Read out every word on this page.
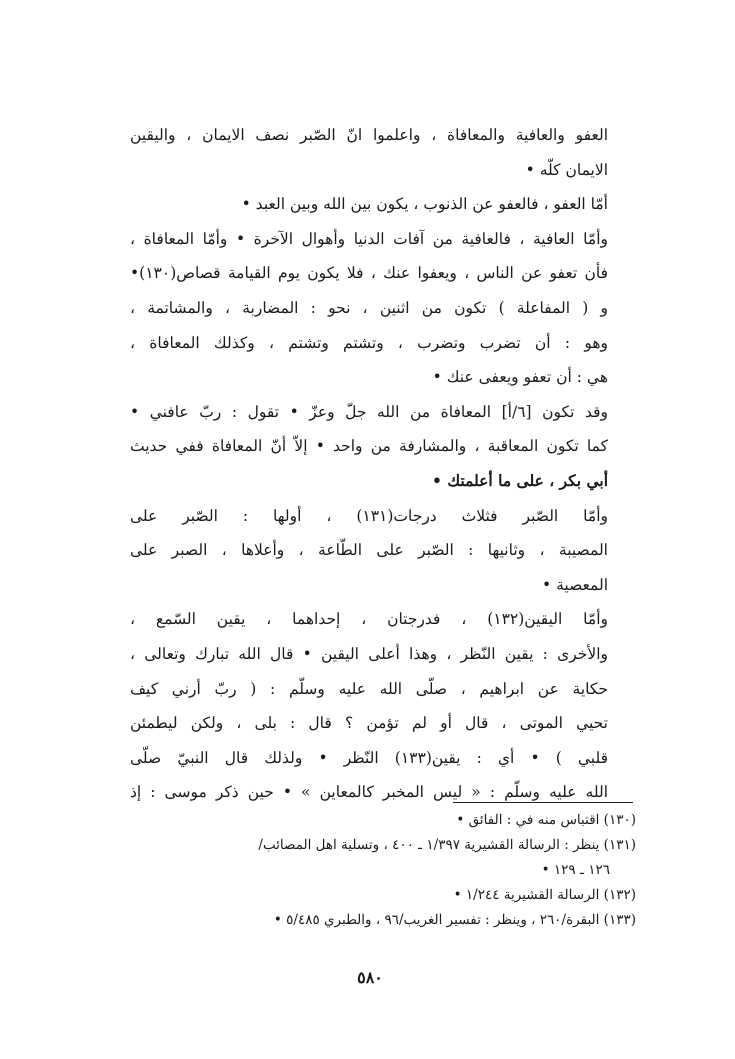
العفو والعافية والمعافاة ، واعلموا انّ الصّبر نصف الايمان ، واليقين
الايمان كلّه •
أمّا العفو ، فالعفو عن الذنوب ، يكون بين الله وبين العبد •
وأمّا العافية ، فالعافية من آفات الدنيا وأهوال الآخرة • وأمّا المعافاة ،
فأن تعفو عن الناس ، ويعفوا عنك ، فلا يكون يوم القيامة قصاص(١٣٠)•
و ( المفاعلة ) تكون من اثنين ، نحو : المضاربة ، والمشاتمة ،
وهو : أن تضرب وتضرب ، وتشتم وتشتم ، وكذلك المعافاة ،
هي : أن تعفو ويعفى عنك •
وقد تكون [٦/أ] المعافاة من الله جلّ وعزّ • تقول : ربّ عافني •
كما تكون المعاقبة ، والمشارفة من واحد • إلاّ أنّ المعافاة ففي حديث
أبي بكر ، على ما أعلمتك •
وأمّا الصّبر فثلاث درجات(١٣١) ، أولها : الصّبر على
المصيبة ، وثانيها : الصّبر على الطّاعة ، وأعلاها ، الصبر على
المعصية •
وأمّا اليقين(١٣٢) ، فدرجتان ، إحداهما ، يقين السّمع ،
والأخرى : يقين النّظر ، وهذا أعلى اليقين • قال الله تبارك وتعالى ،
حكاية عن ابراهيم ، صلّى الله عليه وسلّم : ( ربّ أرني كيف
تحيي الموتى ، قال أو لم تؤمن ؟ قال : بلى ، ولكن ليطمئن
قلبي ) • أي : يقين(١٣٣) النّظر • ولذلك قال النبيّ صلّى
الله عليه وسلّم : « ليس المخبر كالمعاين » • حين ذكر موسى : إذ
(١٣٠) اقتباس منه في : الفائق •
(١٣١) ينظر : الرسالة القشيرية ١/٣٩٧ ـ ٤٠٠ ، وتسلية اهل المصائب/
١٢٦ ـ ١٢٩ •
(١٣٢) الرسالة القشيرية ١/٢٤٤ •
(١٣٣) البقرة/٢٦٠ ، وينظر : تفسير الغريب/٩٦ ، والطبري ٥/٤٨٥ •
٥٨٠
